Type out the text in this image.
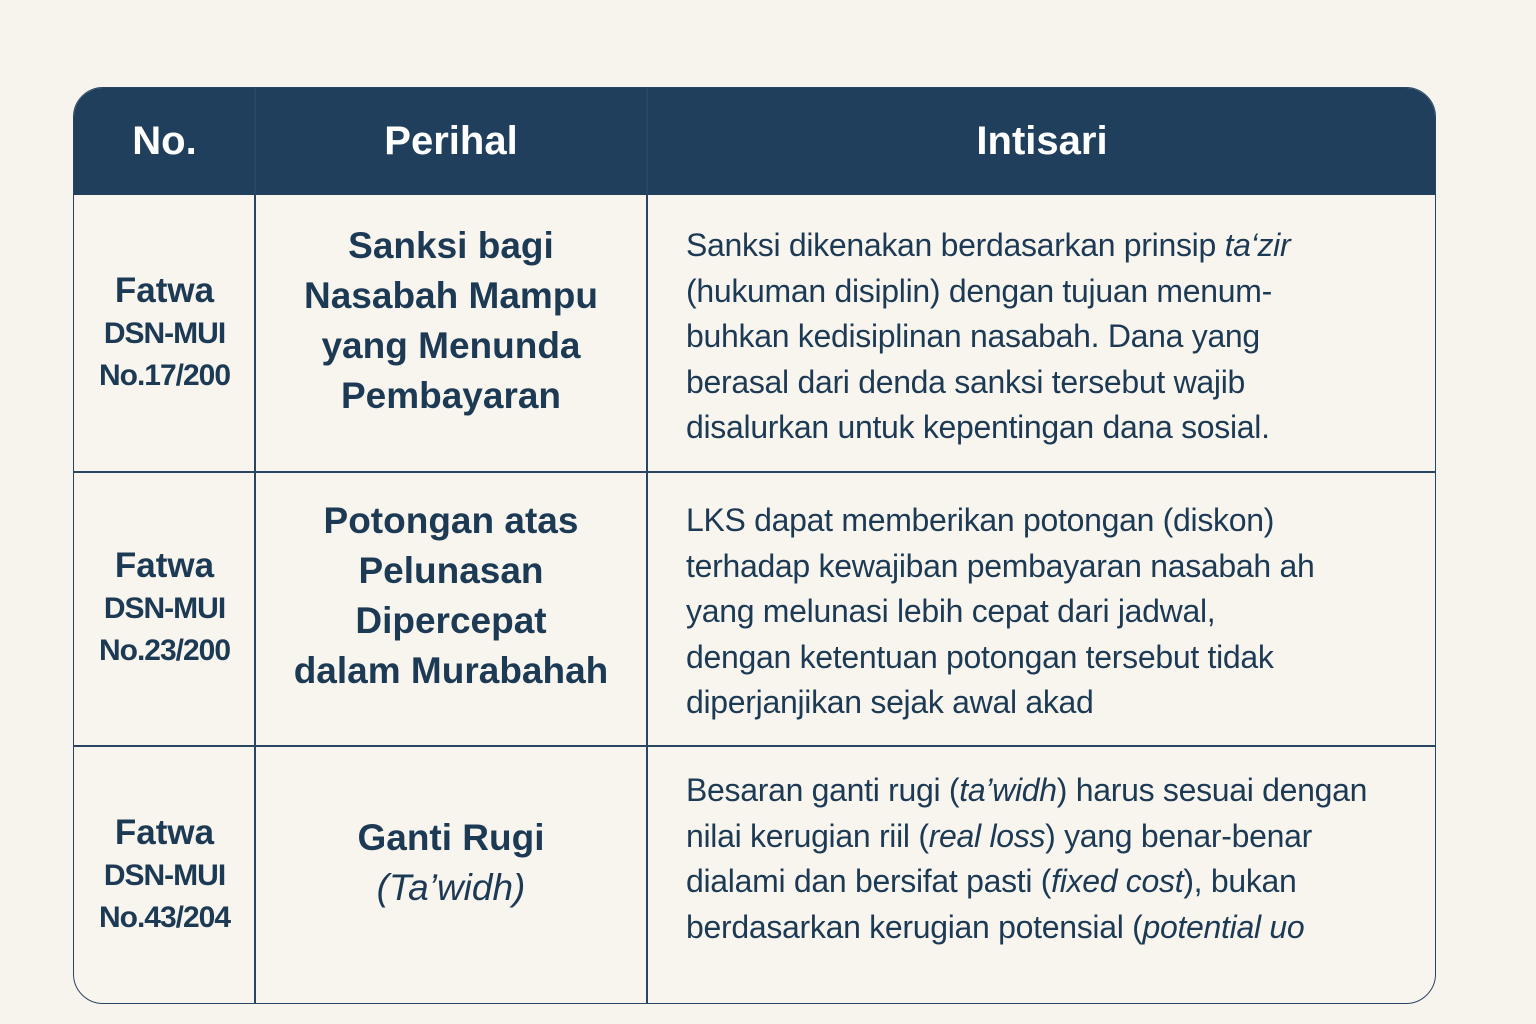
No.	Perihal	Intisari
Fatwa
DSN-MUI
No.17/200
Sanksi bagi
Nasabah Mampu
yang Menunda
Pembayaran
Sanksi dikenakan berdasarkan prinsip ta‘zir
(hukuman disiplin) dengan tujuan menum-
buhkan kedisiplinan nasabah. Dana yang
berasal dari denda sanksi tersebut wajib
disalurkan untuk kepentingan dana sosial.
Fatwa
DSN-MUI
No.23/200
Potongan atas
Pelunasan
Dipercepat
dalam Murabahah
LKS dapat memberikan potongan (diskon)
terhadap kewajiban pembayaran nasabah ah
yang melunasi lebih cepat dari jadwal,
dengan ketentuan potongan tersebut tidak
diperjanjikan sejak awal akad
Fatwa
DSN-MUI
No.43/204
Ganti Rugi
(Ta’widh)
Besaran ganti rugi (ta’widh) harus sesuai dengan
nilai kerugian riil (real loss) yang benar-benar
dialami dan bersifat pasti (fixed cost), bukan
berdasarkan kerugian potensial (potential uo
